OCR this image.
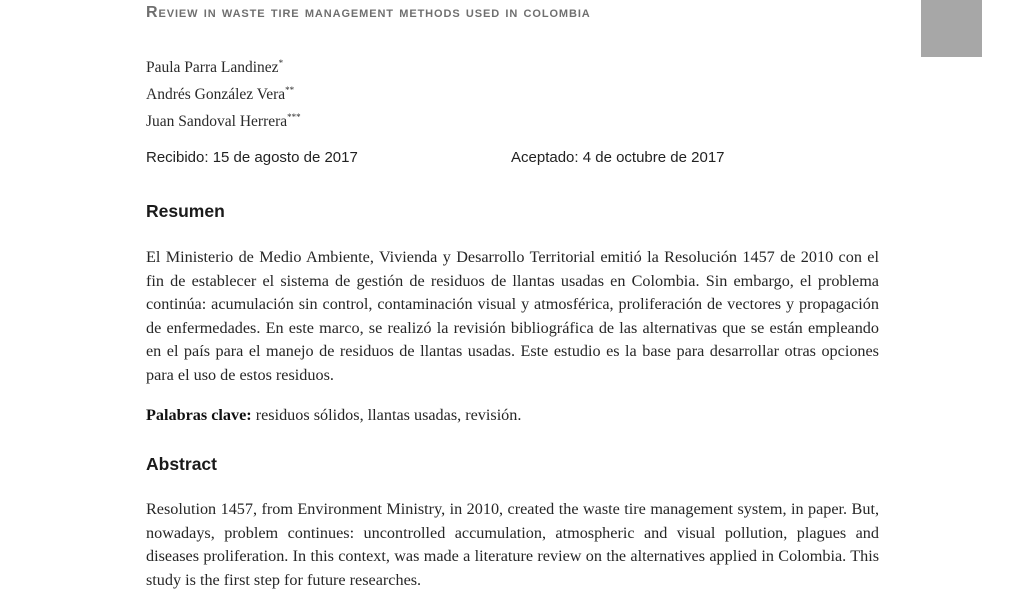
Review in waste tire management methods used in colombia
Paula Parra Landinez*
Andrés González Vera**
Juan Sandoval Herrera***
Recibido: 15 de agosto de 2017	Aceptado: 4 de octubre de 2017
Resumen

El Ministerio de Medio Ambiente, Vivienda y Desarrollo Territorial emitió la Resolución 1457 de 2010 con el fin de establecer el sistema de gestión de residuos de llantas usadas en Colombia. Sin embargo, el problema continúa: acumulación sin control, contaminación visual y atmosférica, proliferación de vectores y propagación de enfermedades. En este marco, se realizó la revisión bibliográfica de las alternativas que se están empleando en el país para el manejo de residuos de llantas usadas. Este estudio es la base para desarrollar otras opciones para el uso de estos residuos.

Palabras clave: residuos sólidos, llantas usadas, revisión.

Abstract

Resolution 1457, from Environment Ministry, in 2010, created the waste tire management system, in paper. But, nowadays, problem continues: uncontrolled accumulation, atmospheric and visual pollution, plagues and diseases proliferation. In this context, was made a literature review on the alternatives applied in Colombia. This study is the first step for future researches.
